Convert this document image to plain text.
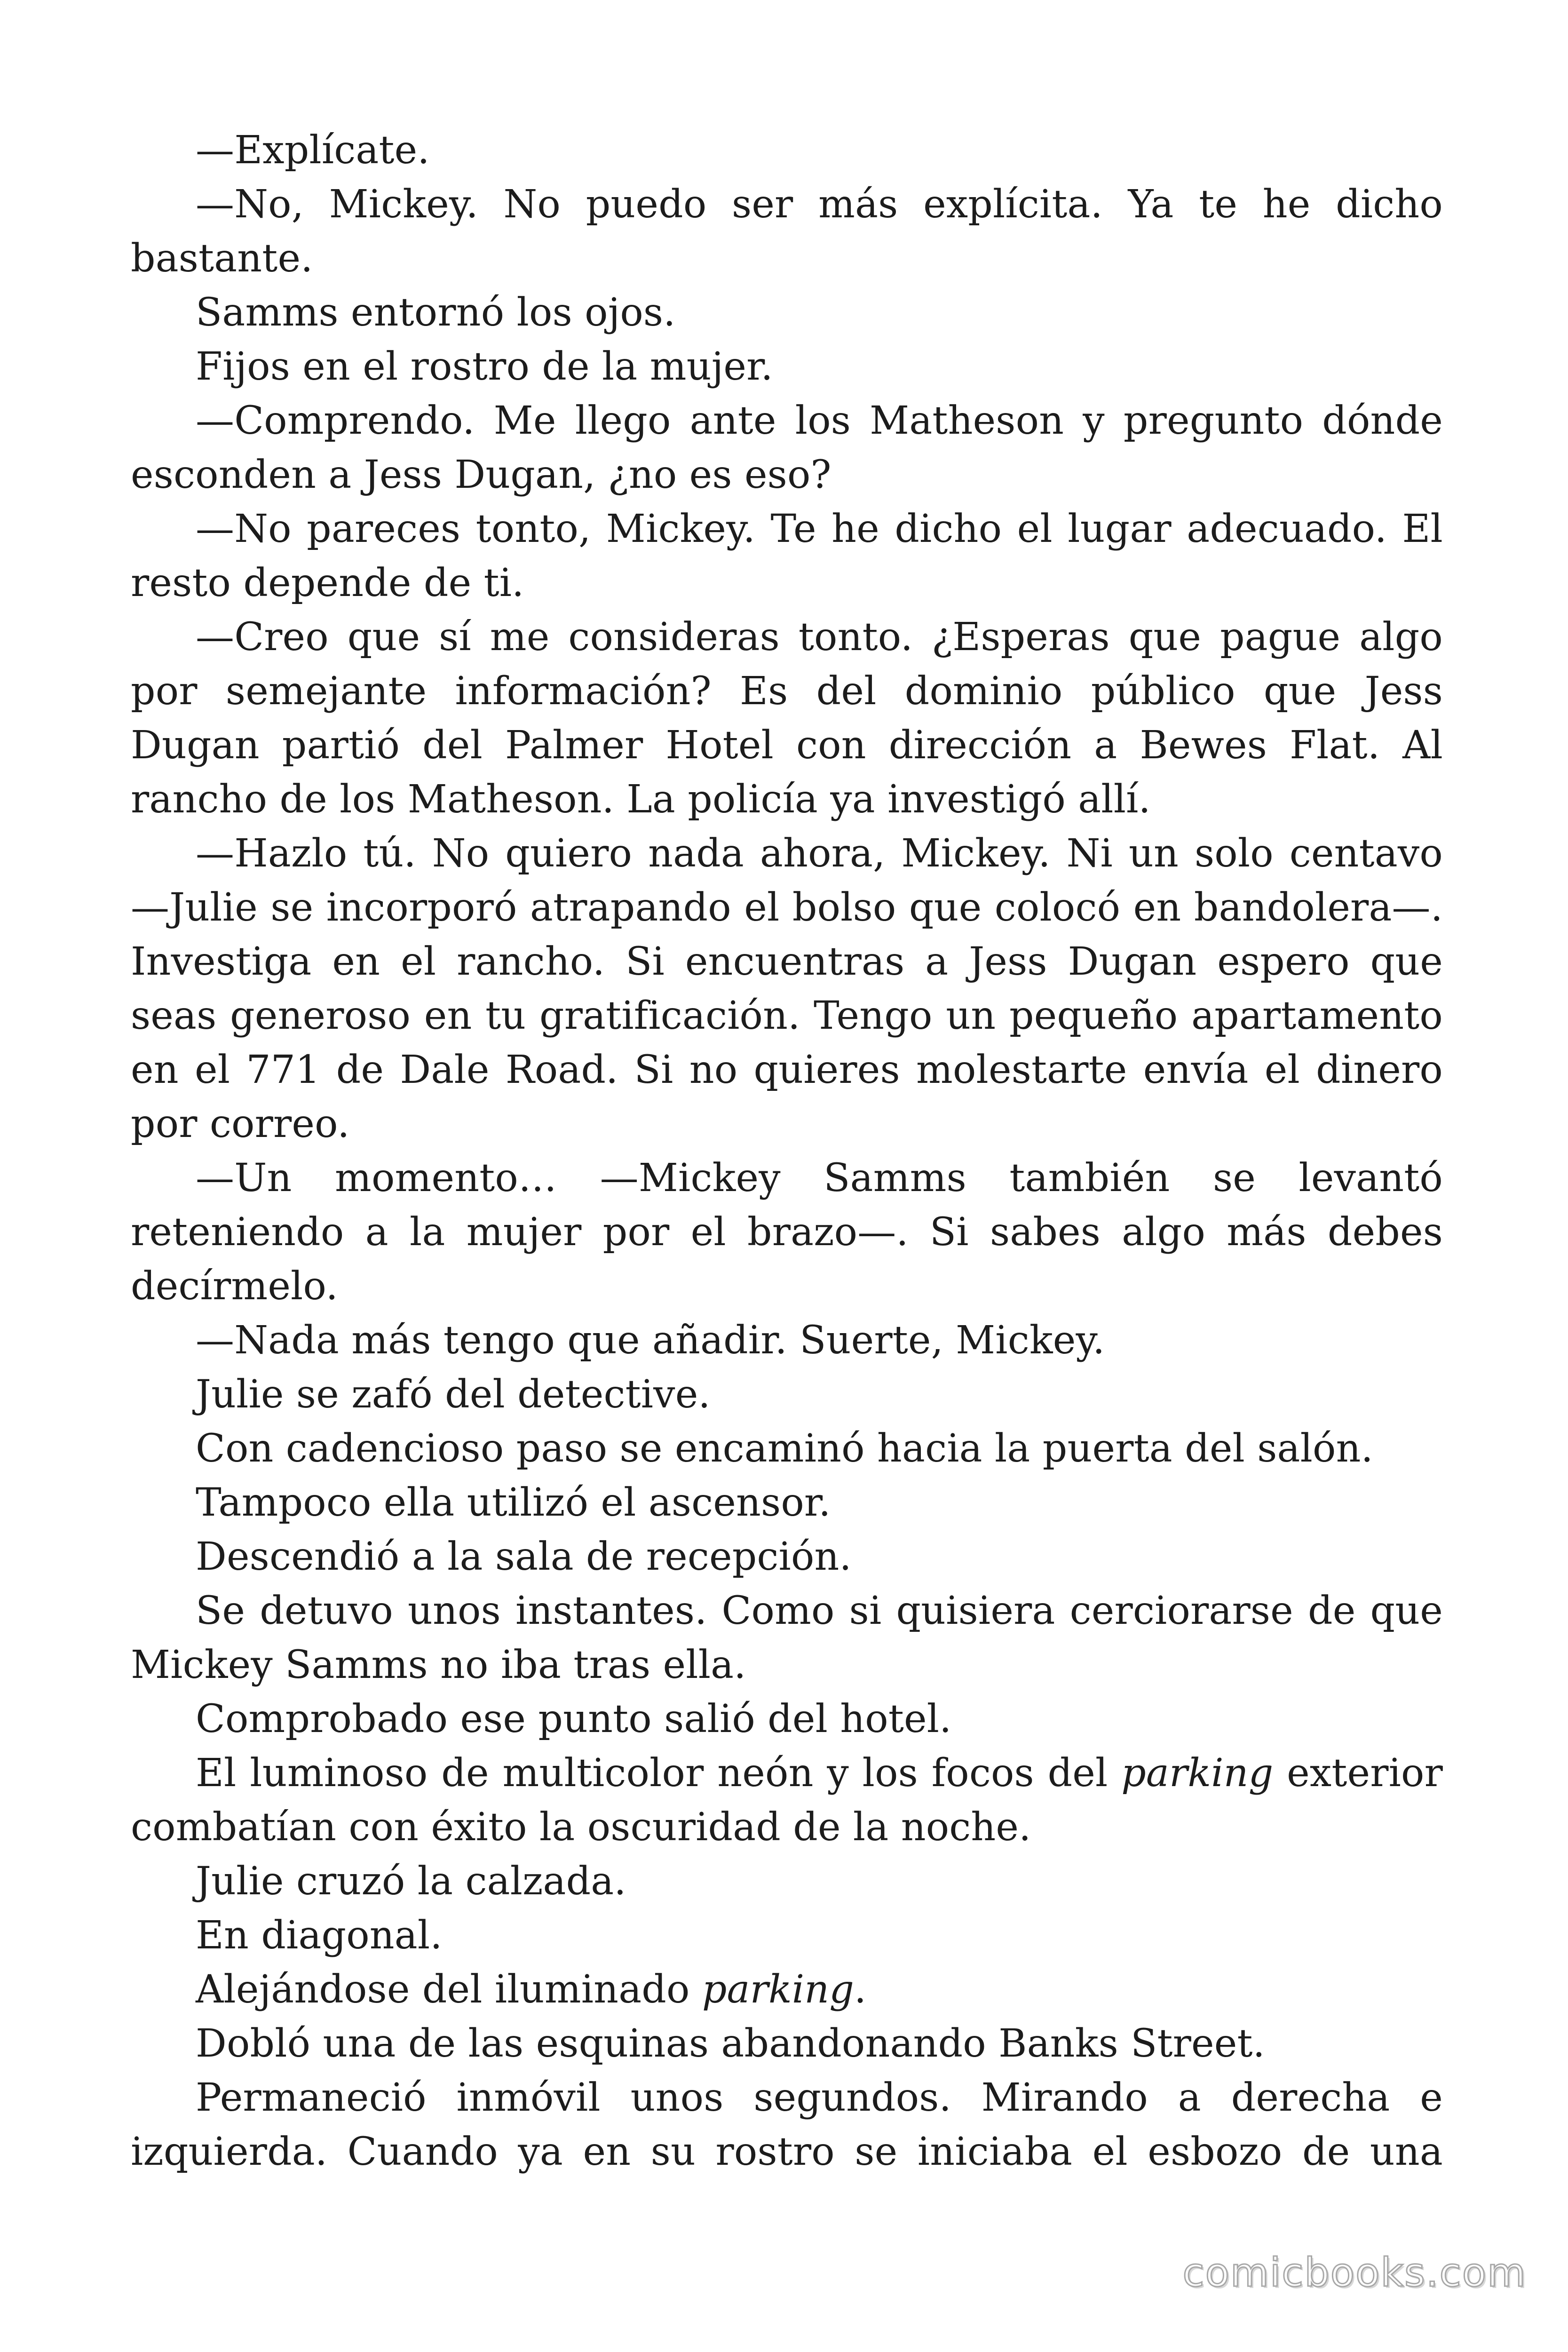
—Explícate.

—No, Mickey. No puedo ser más explícita. Ya te he dicho bastante.

Samms entornó los ojos.

Fijos en el rostro de la mujer.

—Comprendo. Me llego ante los Matheson y pregunto dónde esconden a Jess Dugan, ¿no es eso?

—No pareces tonto, Mickey. Te he dicho el lugar adecuado. El resto depende de ti.

—Creo que sí me consideras tonto. ¿Esperas que pague algo por semejante información? Es del dominio público que Jess Dugan partió del Palmer Hotel con dirección a Bewes Flat. Al rancho de los Matheson. La policía ya investigó allí.

—Hazlo tú. No quiero nada ahora, Mickey. Ni un solo centavo —Julie se incorporó atrapando el bolso que colocó en bandolera—. Investiga en el rancho. Si encuentras a Jess Dugan espero que seas generoso en tu gratificación. Tengo un pequeño apartamento en el 771 de Dale Road. Si no quieres molestarte envía el dinero por correo.

—Un momento… —Mickey Samms también se levantó reteniendo a la mujer por el brazo—. Si sabes algo más debes decírmelo.

—Nada más tengo que añadir. Suerte, Mickey.

Julie se zafó del detective.

Con cadencioso paso se encaminó hacia la puerta del salón.

Tampoco ella utilizó el ascensor.

Descendió a la sala de recepción.

Se detuvo unos instantes. Como si quisiera cerciorarse de que Mickey Samms no iba tras ella.

Comprobado ese punto salió del hotel.

El luminoso de multicolor neón y los focos del parking exterior combatían con éxito la oscuridad de la noche.

Julie cruzó la calzada.

En diagonal.

Alejándose del iluminado parking.

Dobló una de las esquinas abandonando Banks Street.

Permaneció inmóvil unos segundos. Mirando a derecha e izquierda. Cuando ya en su rostro se iniciaba el esbozo de una

comicbooks.com
